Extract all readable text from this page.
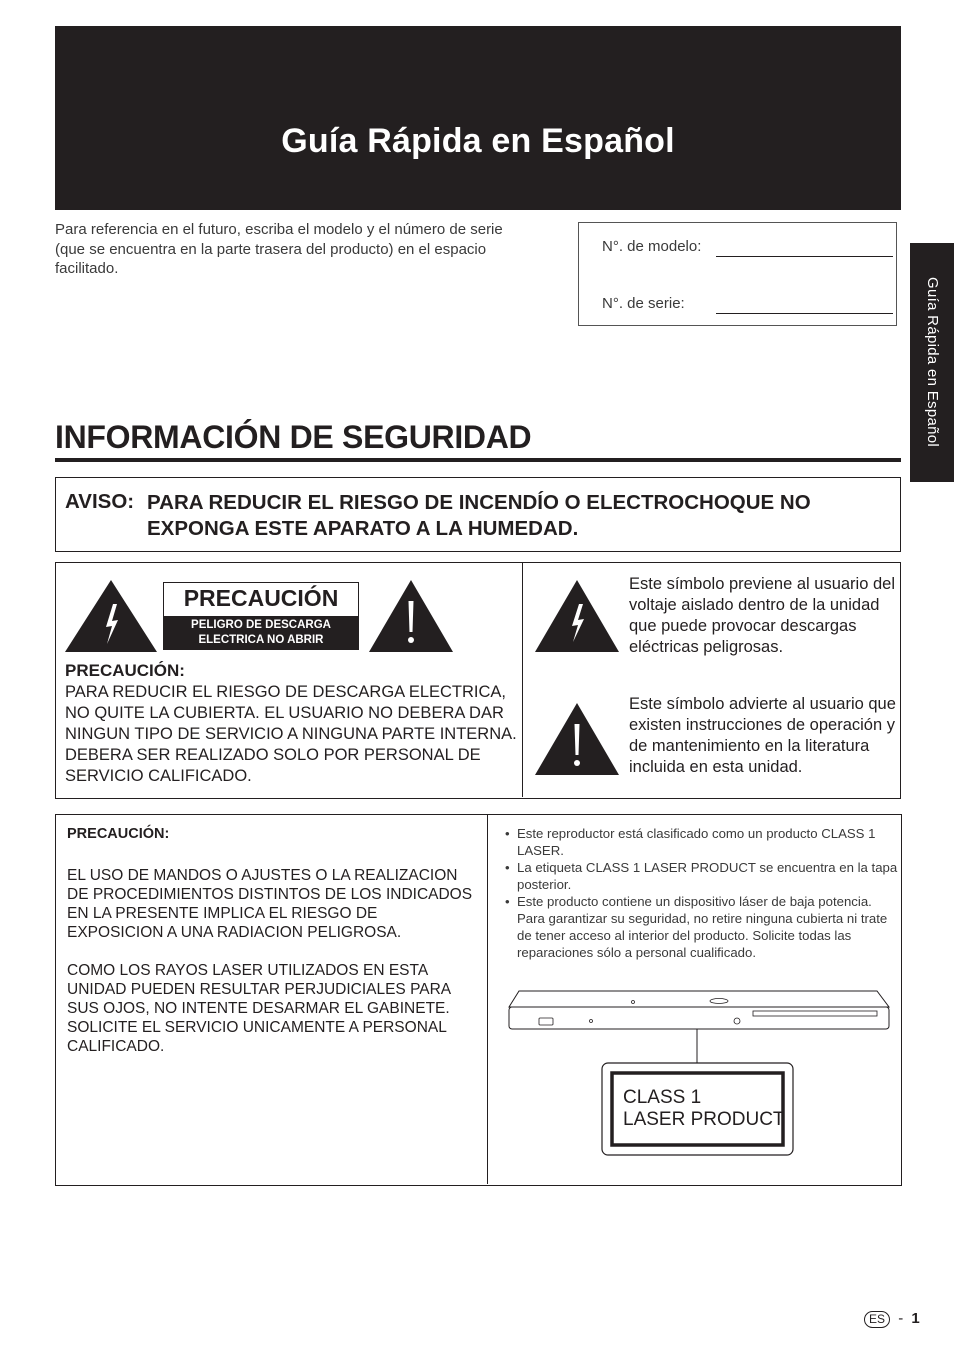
Guía Rápida en Español
Para referencia en el futuro, escriba el modelo y el número de serie (que se encuentra en la parte trasera del producto) en el espacio facilitado.
N°. de modelo:
N°. de serie:	Guía Rápida en Español
INFORMACIÓN DE SEGURIDAD
AVISO: PARA REDUCIR EL RIESGO DE INCENDÍO O ELECTROCHOQUE NO EXPONGA ESTE APARATO A LA HUMEDAD.
PRECAUCIÓN
PELIGRO DE DESCARGA
ELECTRICA NO ABRIR
PRECAUCIÓN:
PARA REDUCIR EL RIESGO DE DESCARGA ELECTRICA, NO QUITE LA CUBIERTA. EL USUARIO NO DEBERA DAR NINGUN TIPO DE SERVICIO A NINGUNA PARTE INTERNA. DEBERA SER REALIZADO SOLO POR PERSONAL DE SERVICIO CALIFICADO.
Este símbolo previene al usuario del voltaje aislado dentro de la unidad que puede provocar descargas eléctricas peligrosas.
Este símbolo advierte al usuario que existen instrucciones de operación y de mantenimiento en la literatura incluida en esta unidad.
PRECAUCIÓN:

EL USO DE MANDOS O AJUSTES O LA REALIZACION DE PROCEDIMIENTOS DISTINTOS DE LOS INDICADOS EN LA PRESENTE IMPLICA EL RIESGO DE EXPOSICION A UNA RADIACION PELIGROSA.

COMO LOS RAYOS LASER UTILIZADOS EN ESTA UNIDAD PUEDEN RESULTAR PERJUDICIALES PARA SUS OJOS, NO INTENTE DESARMAR EL GABINETE.

SOLICITE EL SERVICIO UNICAMENTE A PERSONAL CALIFICADO.

• Este reproductor está clasificado como un producto CLASS 1 LASER.
• La etiqueta CLASS 1 LASER PRODUCT se encuentra en la tapa posterior.
• Este producto contiene un dispositivo láser de baja potencia. Para garantizar su seguridad, no retire ninguna cubierta ni trate de tener acceso al interior del producto. Solicite todas las reparaciones sólo a personal cualificado.
CLASS 1
LASER PRODUCT
ES - 1
